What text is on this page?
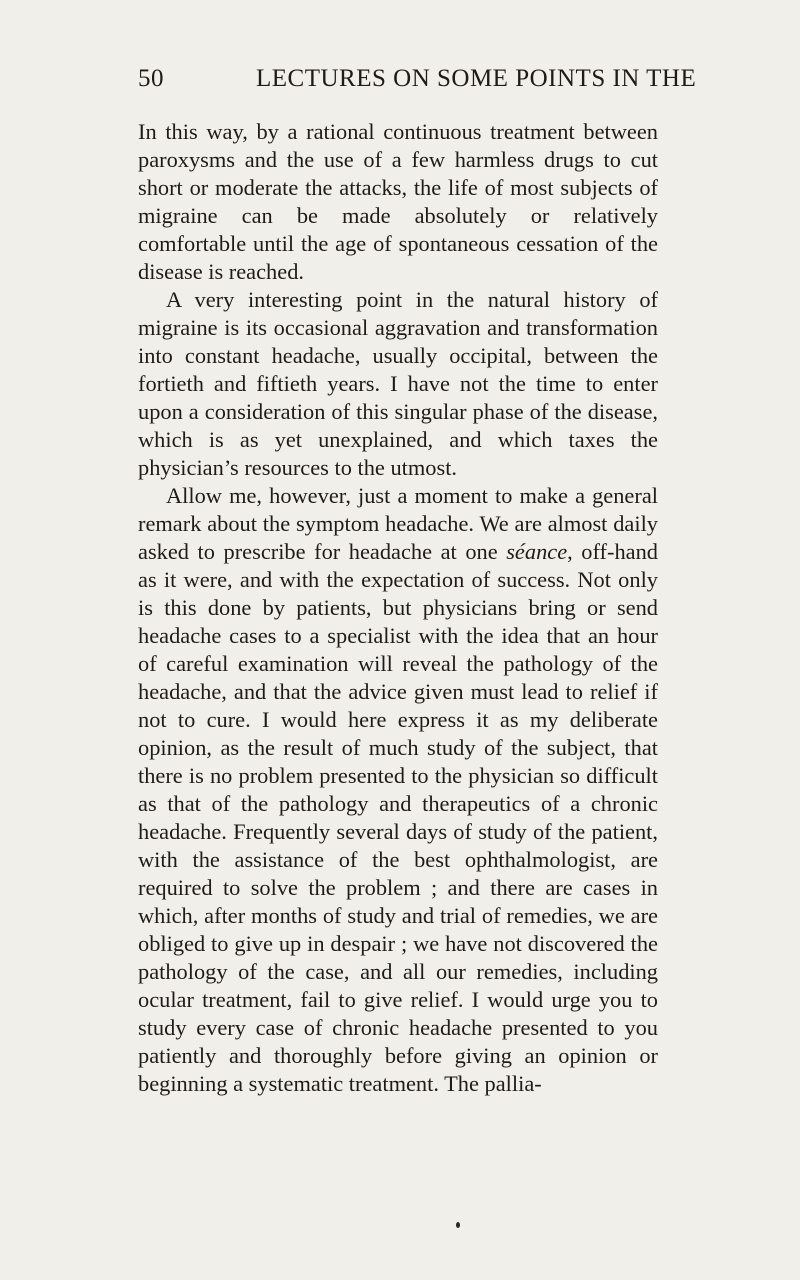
50	LECTURES ON SOME POINTS IN THE

In this way, by a rational continuous treatment between paroxysms and the use of a few harmless drugs to cut short or moderate the attacks, the life of most subjects of migraine can be made absolutely or relatively comfortable until the age of spontaneous cessation of the disease is reached.

A very interesting point in the natural history of migraine is its occasional aggravation and transformation into constant headache, usually occipital, between the fortieth and fiftieth years. I have not the time to enter upon a consideration of this singular phase of the disease, which is as yet unexplained, and which taxes the physician’s resources to the utmost.

Allow me, however, just a moment to make a general remark about the symptom headache. We are almost daily asked to prescribe for headache at one séance, off-hand as it were, and with the expectation of success. Not only is this done by patients, but physicians bring or send headache cases to a specialist with the idea that an hour of careful examination will reveal the pathology of the headache, and that the advice given must lead to relief if not to cure. I would here express it as my deliberate opinion, as the result of much study of the subject, that there is no problem presented to the physician so difficult as that of the pathology and therapeutics of a chronic headache. Frequently several days of study of the patient, with the assistance of the best ophthalmologist, are required to solve the problem ; and there are cases in which, after months of study and trial of remedies, we are obliged to give up in despair ; we have not discovered the pathology of the case, and all our remedies, including ocular treatment, fail to give relief. I would urge you to study every case of chronic headache presented to you patiently and thoroughly before giving an opinion or beginning a systematic treatment. The pallia-
